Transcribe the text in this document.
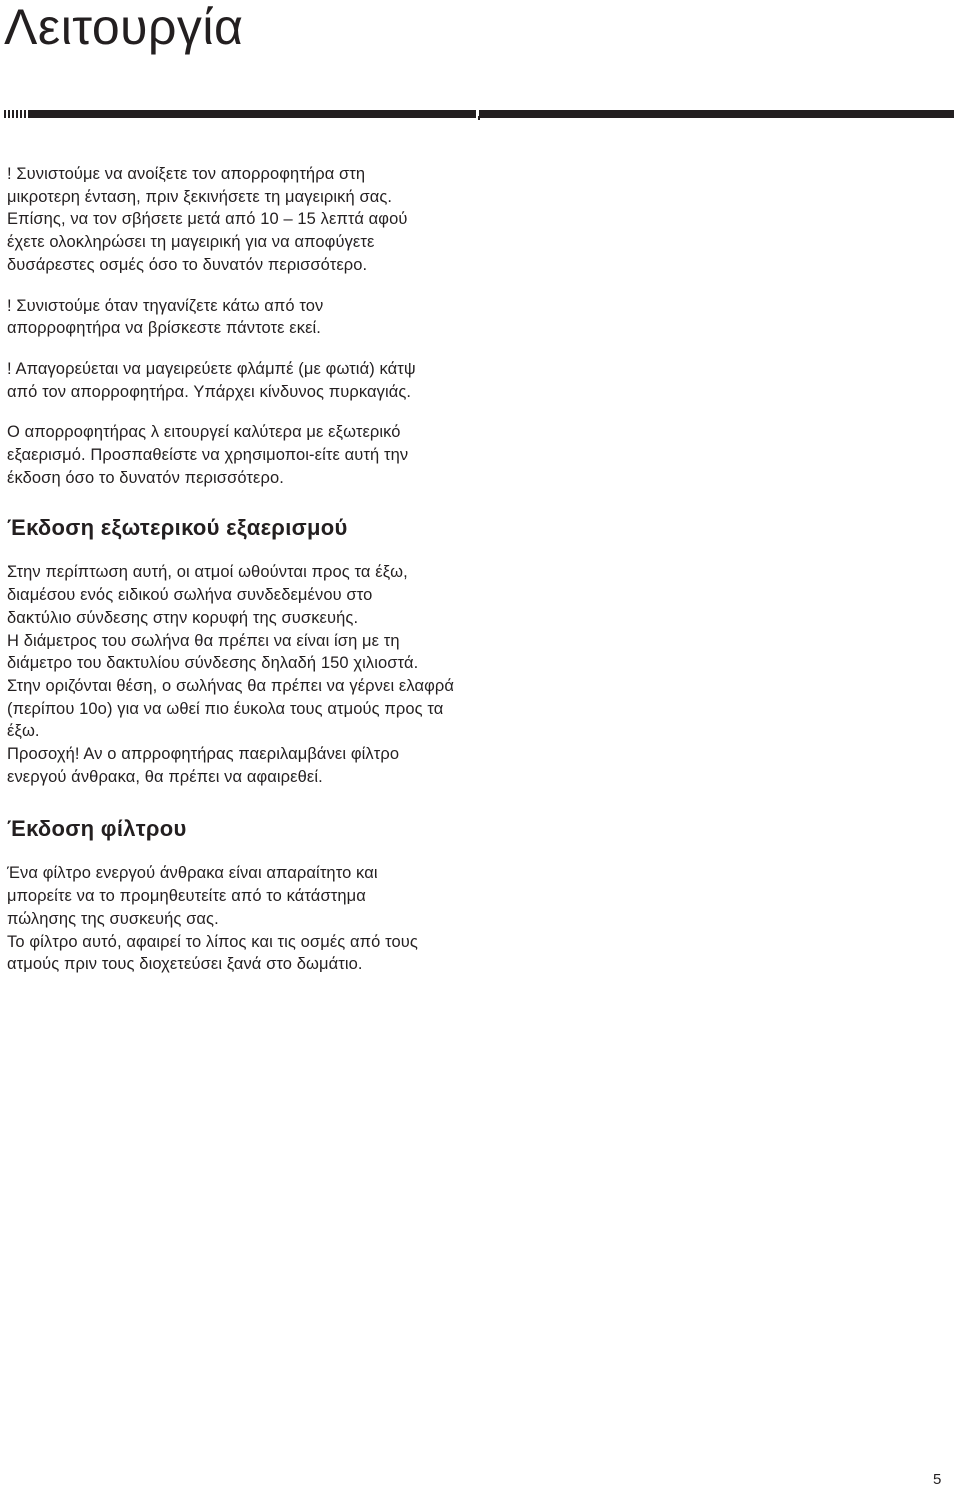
Λειτουργία

! Συνιστούμε να ανοίξετε τον απορροφητήρα στη μικροτερη ένταση, πριν ξεκινήσετε τη μαγειρική σας. Επίσης, να τον σβήσετε μετά από 10 – 15 λεπτά αφού έχετε ολοκληρώσει τη μαγειρική για να αποφύγετε δυσάρεστες οσμές όσο το δυνατόν περισσότερο.

! Συνιστούμε όταν τηγανίζετε κάτω από τον απορροφητήρα να βρίσκεστε πάντοτε εκεί.

! Απαγορεύεται να μαγειρεύετε φλάμπέ (με φωτιά) κάτψ από τον απορροφητήρα. Υπάρχει κίνδυνος πυρκαγιάς.

Ο απορροφητήρας λ ειτουργεί καλύτερα με εξωτερικό εξαερισμό. Προσπαθείστε να χρησιμοποι-είτε αυτή την έκδοση όσο το δυνατόν περισσότερο.

Έκδοση εξωτερικού εξαερισμού

Στην περίπτωση αυτή, οι ατμοί ωθούνται προς τα έξω, διαμέσου ενός ειδικού σωλήνα συνδεδεμένου στο δακτύλιο σύνδεσης στην κορυφή της συσκευής.

Η διάμετρος του σωλήνα θα πρέπει να είναι ίση με τη διάμετρο του δακτυλίου σύνδεσης δηλαδή 150 χιλιοστά.

Στην οριζόνται θέση, ο σωλήνας θα πρέπει να γέρνει ελαφρά (περίπου 10ο) για να ωθεί πιο έυκολα τους ατμούς προς τα έξω.

Προσοχή! Αν ο απρροφητήρας παεριλαμβάνει φίλτρο ενεργού άνθρακα, θα πρέπει να αφαιρεθεί.

Έκδοση φίλτρου

Ένα φίλτρο ενεργού άνθρακα είναι απαραίτητο και μπορείτε να το προμηθευτείτε από το κάτάστημα πώλησης της συσκευής σας.

Το φίλτρο αυτό, αφαιρεί το λίπος και τις οσμές από τους ατμούς πριν τους διοχετεύσει ξανά στο δωμάτιο.

5
